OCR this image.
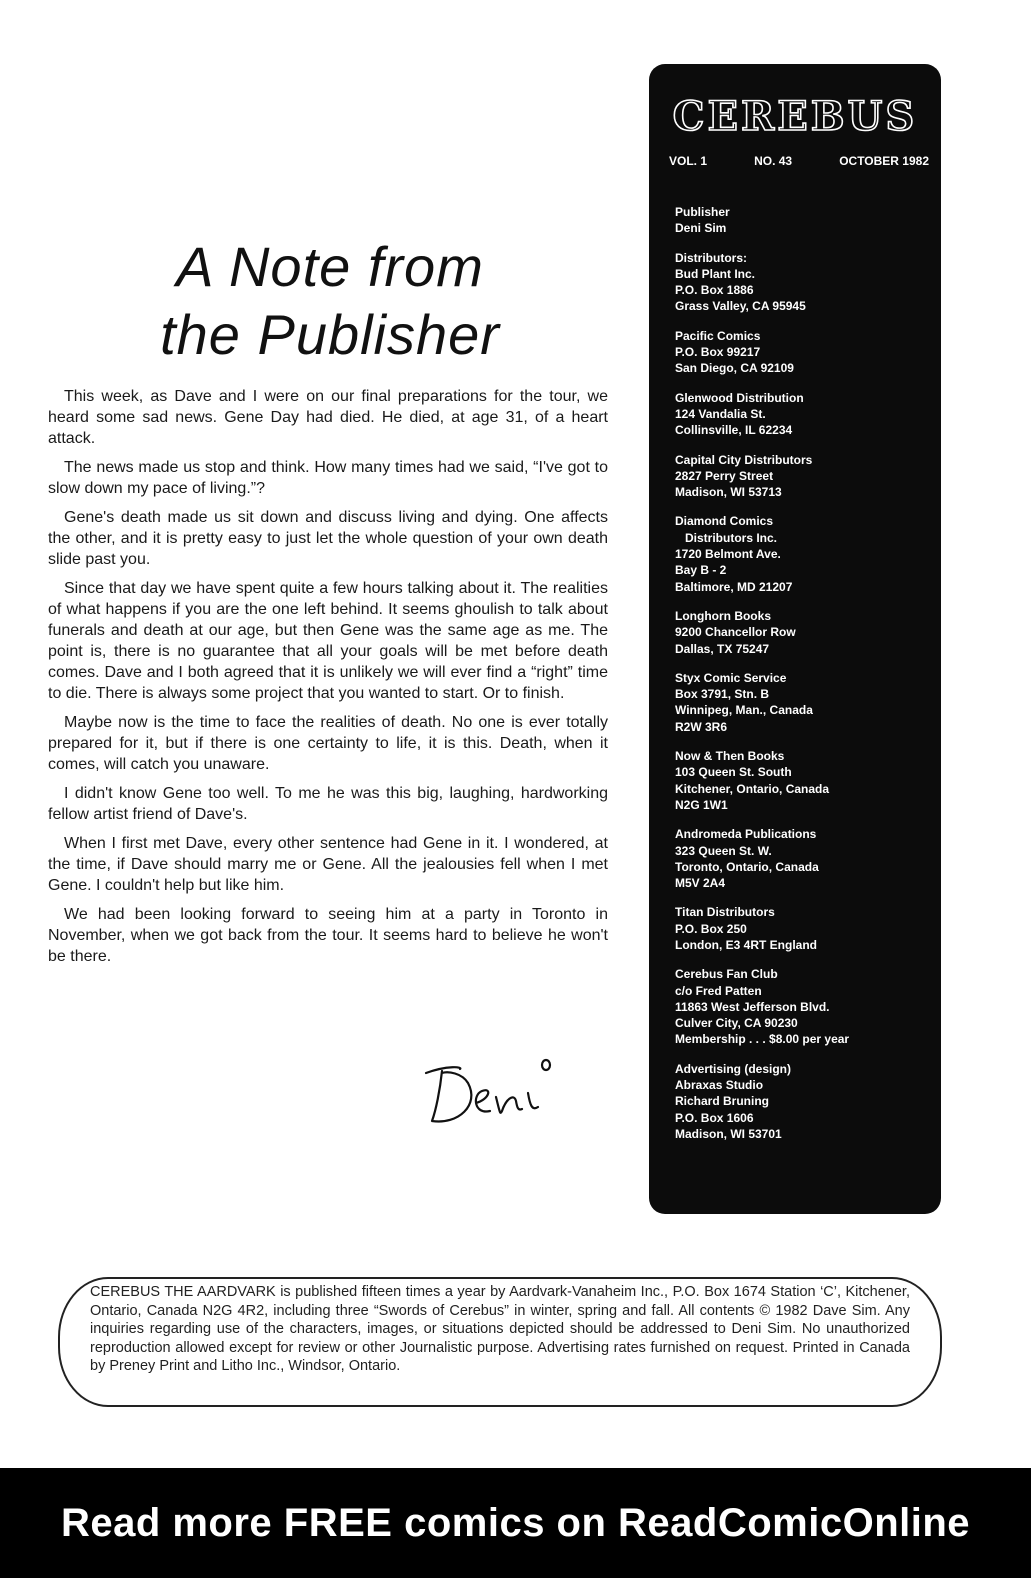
A Note from
the Publisher

This week, as Dave and I were on our final preparations for the tour, we heard some sad news. Gene Day had died. He died, at age 31, of a heart attack.

The news made us stop and think. How many times had we said, “I've got to slow down my pace of living.”?

Gene's death made us sit down and discuss living and dying. One affects the other, and it is pretty easy to just let the whole question of your own death slide past you.

Since that day we have spent quite a few hours talking about it. The realities of what happens if you are the one left behind. It seems ghoulish to talk about funerals and death at our age, but then Gene was the same age as me. The point is, there is no guarantee that all your goals will be met before death comes. Dave and I both agreed that it is unlikely we will ever find a “right” time to die. There is always some project that you wanted to start. Or to finish.

Maybe now is the time to face the realities of death. No one is ever totally prepared for it, but if there is one certainty to life, it is this. Death, when it comes, will catch you unaware.

I didn't know Gene too well. To me he was this big, laughing, hardworking fellow artist friend of Dave's.

When I first met Dave, every other sentence had Gene in it. I wondered, at the time, if Dave should marry me or Gene. All the jealousies fell when I met Gene. I couldn't help but like him.

We had been looking forward to seeing him at a party in Toronto in November, when we got back from the tour. It seems hard to believe he won't be there.

CEREBUS
VOL. 1	NO. 43	OCTOBER 1982
Publisher
Deni Sim
Distributors:
Bud Plant Inc.
P.O. Box 1886
Grass Valley, CA 95945
Pacific Comics
P.O. Box 99217
San Diego, CA 92109
Glenwood Distribution
124 Vandalia St.
Collinsville, IL 62234
Capital City Distributors
2827 Perry Street
Madison, WI 53713
Diamond Comics
Distributors Inc.
1720 Belmont Ave.
Bay B - 2
Baltimore, MD 21207
Longhorn Books
9200 Chancellor Row
Dallas, TX 75247
Styx Comic Service
Box 3791, Stn. B
Winnipeg, Man., Canada
R2W 3R6
Now & Then Books
103 Queen St. South
Kitchener, Ontario, Canada
N2G 1W1
Andromeda Publications
323 Queen St. W.
Toronto, Ontario, Canada
M5V 2A4
Titan Distributors
P.O. Box 250
London, E3 4RT England
Cerebus Fan Club
c/o Fred Patten
11863 West Jefferson Blvd.
Culver City, CA 90230
Membership . . . $8.00 per year
Advertising (design)
Abraxas Studio
Richard Bruning
P.O. Box 1606
Madison, WI 53701
CEREBUS THE AARDVARK is published fifteen times a year by Aardvark-Vanaheim Inc., P.O. Box 1674 Station ‘C’, Kitchener, Ontario, Canada N2G 4R2, including three “Swords of Cerebus” in winter, spring and fall. All contents © 1982 Dave Sim. Any inquiries regarding use of the characters, images, or situations depicted should be addressed to Deni Sim. No unauthorized reproduction allowed except for review or other Journalistic purpose. Advertising rates furnished on request. Printed in Canada by Preney Print and Litho Inc., Windsor, Ontario.
Read more FREE comics on ReadComicOnline
